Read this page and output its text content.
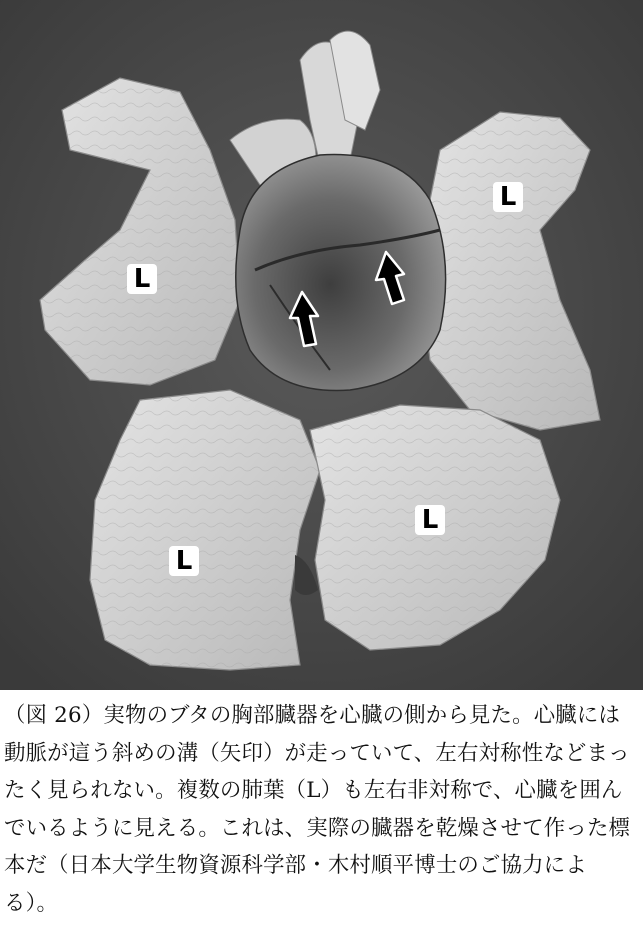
L
L
L
L
（図 26）実物のブタの胸部臓器を心臓の側から見た。心臓には動脈が這う斜めの溝（矢印）が走っていて、左右対称性などまったく見られない。複数の肺葉（L）も左右非対称で、心臓を囲んでいるように見える。これは、実際の臓器を乾燥させて作った標本だ（日本大学生物資源科学部・木村順平博士のご協力による）。
